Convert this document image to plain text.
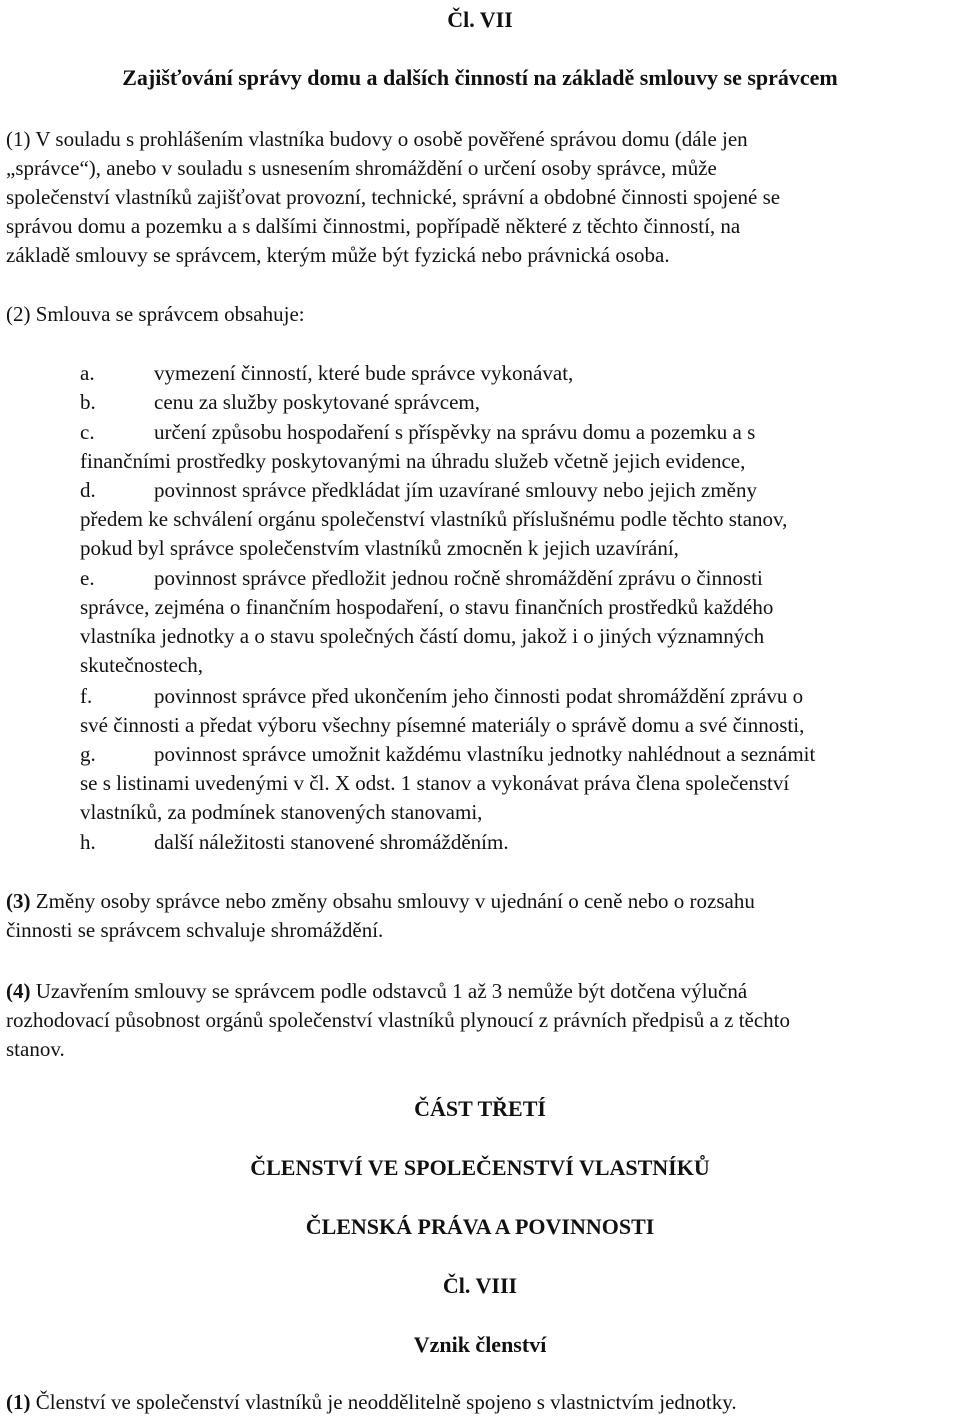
Čl. VII
Zajišťování správy domu a dalších činností na základě smlouvy se správcem
(1) V souladu s prohlášením vlastníka budovy o osobě pověřené správou domu (dále jen
„správce“), anebo v souladu s usnesením shromáždění o určení osoby správce, může
společenství vlastníků zajišťovat provozní, technické, správní a obdobné činnosti spojené se
správou domu a pozemku a s dalšími činnostmi, popřípadě některé z těchto činností, na
základě smlouvy se správcem, kterým může být fyzická nebo právnická osoba.
(2) Smlouva se správcem obsahuje:
a.	vymezení činností, které bude správce vykonávat,
b.	cenu za služby poskytované správcem,
c.	určení způsobu hospodaření s příspěvky na správu domu a pozemku a s
finančními prostředky poskytovanými na úhradu služeb včetně jejich evidence,
d.	povinnost správce předkládat jím uzavírané smlouvy nebo jejich změny
předem ke schválení orgánu společenství vlastníků příslušnému podle těchto stanov,
pokud byl správce společenstvím vlastníků zmocněn k jejich uzavírání,
e.	povinnost správce předložit jednou ročně shromáždění zprávu o činnosti
správce, zejména o finančním hospodaření, o stavu finančních prostředků každého
vlastníka jednotky a o stavu společných částí domu, jakož i o jiných významných
skutečnostech,
f.	povinnost správce před ukončením jeho činnosti podat shromáždění zprávu o
své činnosti a předat výboru všechny písemné materiály o správě domu a své činnosti,
g.	povinnost správce umožnit každému vlastníku jednotky nahlédnout a seznámit
se s listinami uvedenými v čl. X odst. 1 stanov a vykonávat práva člena společenství
vlastníků, za podmínek stanovených stanovami,
h.	další náležitosti stanovené shromážděním.
(3) Změny osoby správce nebo změny obsahu smlouvy v ujednání o ceně nebo o rozsahu
činnosti se správcem schvaluje shromáždění.
(4) Uzavřením smlouvy se správcem podle odstavců 1 až 3 nemůže být dotčena výlučná
rozhodovací působnost orgánů společenství vlastníků plynoucí z právních předpisů a z těchto
stanov.
ČÁST TŘETÍ
ČLENSTVÍ VE SPOLEČENSTVÍ VLASTNÍKŮ
ČLENSKÁ PRÁVA A POVINNOSTI
Čl. VIII
Vznik členství
(1) Členství ve společenství vlastníků je neoddělitelně spojeno s vlastnictvím jednotky.
